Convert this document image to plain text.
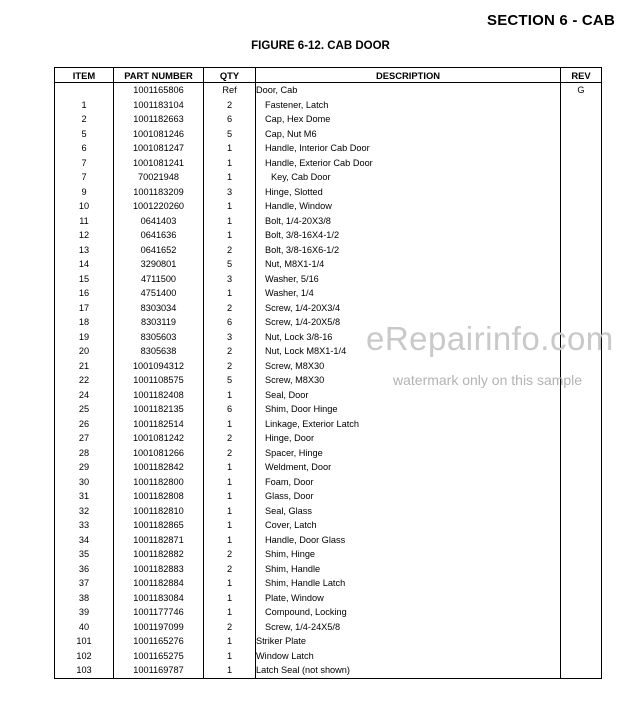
SECTION 6 - CAB
FIGURE 6-12. CAB DOOR
ITEM	PART NUMBER	QTY	DESCRIPTION	REV
	1001165806	Ref	Door, Cab	G
1	1001183104	2	Fastener, Latch	
2	1001182663	6	Cap, Hex Dome	
5	1001081246	5	Cap, Nut M6	
6	1001081247	1	Handle, Interior Cab Door	
7	1001081241	1	Handle, Exterior Cab Door	
7	70021948	1	Key, Cab Door	
9	1001183209	3	Hinge, Slotted	
10	1001220260	1	Handle, Window	
11	0641403	1	Bolt, 1/4-20X3/8	
12	0641636	1	Bolt, 3/8-16X4-1/2	
13	0641652	2	Bolt, 3/8-16X6-1/2	
14	3290801	5	Nut, M8X1-1/4	
15	4711500	3	Washer, 5/16	
16	4751400	1	Washer, 1/4	
17	8303034	2	Screw, 1/4-20X3/4	
18	8303119	6	Screw, 1/4-20X5/8	
19	8305603	3	Nut, Lock 3/8-16	
20	8305638	2	Nut, Lock M8X1-1/4	
21	1001094312	2	Screw, M8X30	
22	1001108575	5	Screw, M8X30	
24	1001182408	1	Seal, Door	
25	1001182135	6	Shim, Door Hinge	
26	1001182514	1	Linkage, Exterior Latch	
27	1001081242	2	Hinge, Door	
28	1001081266	2	Spacer, Hinge	
29	1001182842	1	Weldment, Door	
30	1001182800	1	Foam, Door	
31	1001182808	1	Glass, Door	
32	1001182810	1	Seal, Glass	
33	1001182865	1	Cover, Latch	
34	1001182871	1	Handle, Door Glass	
35	1001182882	2	Shim, Hinge	
36	1001182883	2	Shim, Handle	
37	1001182884	1	Shim, Handle Latch	
38	1001183084	1	Plate, Window	
39	1001177746	1	Compound, Locking	
40	1001197099	2	Screw, 1/4-24X5/8	
101	1001165276	1	Striker Plate	
102	1001165275	1	Window Latch	
103	1001169787	1	Latch Seal (not shown)	
eRepairinfo.com
watermark only on this sample
